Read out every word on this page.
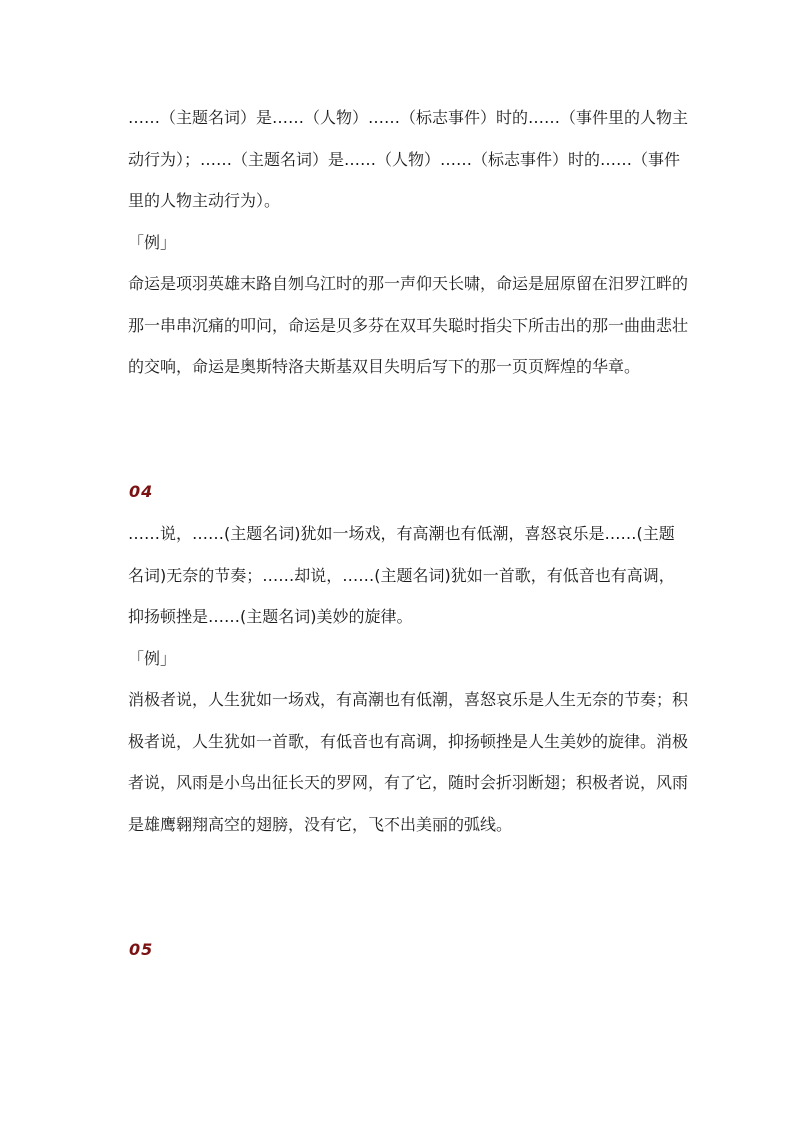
……（主题名词）是……（人物）……（标志事件）时的……（事件里的人物主动行为）；……（主题名词）是……（人物）……（标志事件）时的……（事件里的人物主动行为）。

「例」

命运是项羽英雄末路自刎乌江时的那一声仰天长啸，命运是屈原留在汨罗江畔的那一串串沉痛的叩问，命运是贝多芬在双耳失聪时指尖下所击出的那一曲曲悲壮的交响，命运是奥斯特洛夫斯基双目失明后写下的那一页页辉煌的华章。

04

……说，……(主题名词)犹如一场戏，有高潮也有低潮，喜怒哀乐是……(主题名词)无奈的节奏；……却说，……(主题名词)犹如一首歌，有低音也有高调，抑扬顿挫是……(主题名词)美妙的旋律。

「例」

消极者说，人生犹如一场戏，有高潮也有低潮，喜怒哀乐是人生无奈的节奏；积极者说，人生犹如一首歌，有低音也有高调，抑扬顿挫是人生美妙的旋律。消极者说，风雨是小鸟出征长天的罗网，有了它，随时会折羽断翅；积极者说，风雨是雄鹰翱翔高空的翅膀，没有它，飞不出美丽的弧线。

05
